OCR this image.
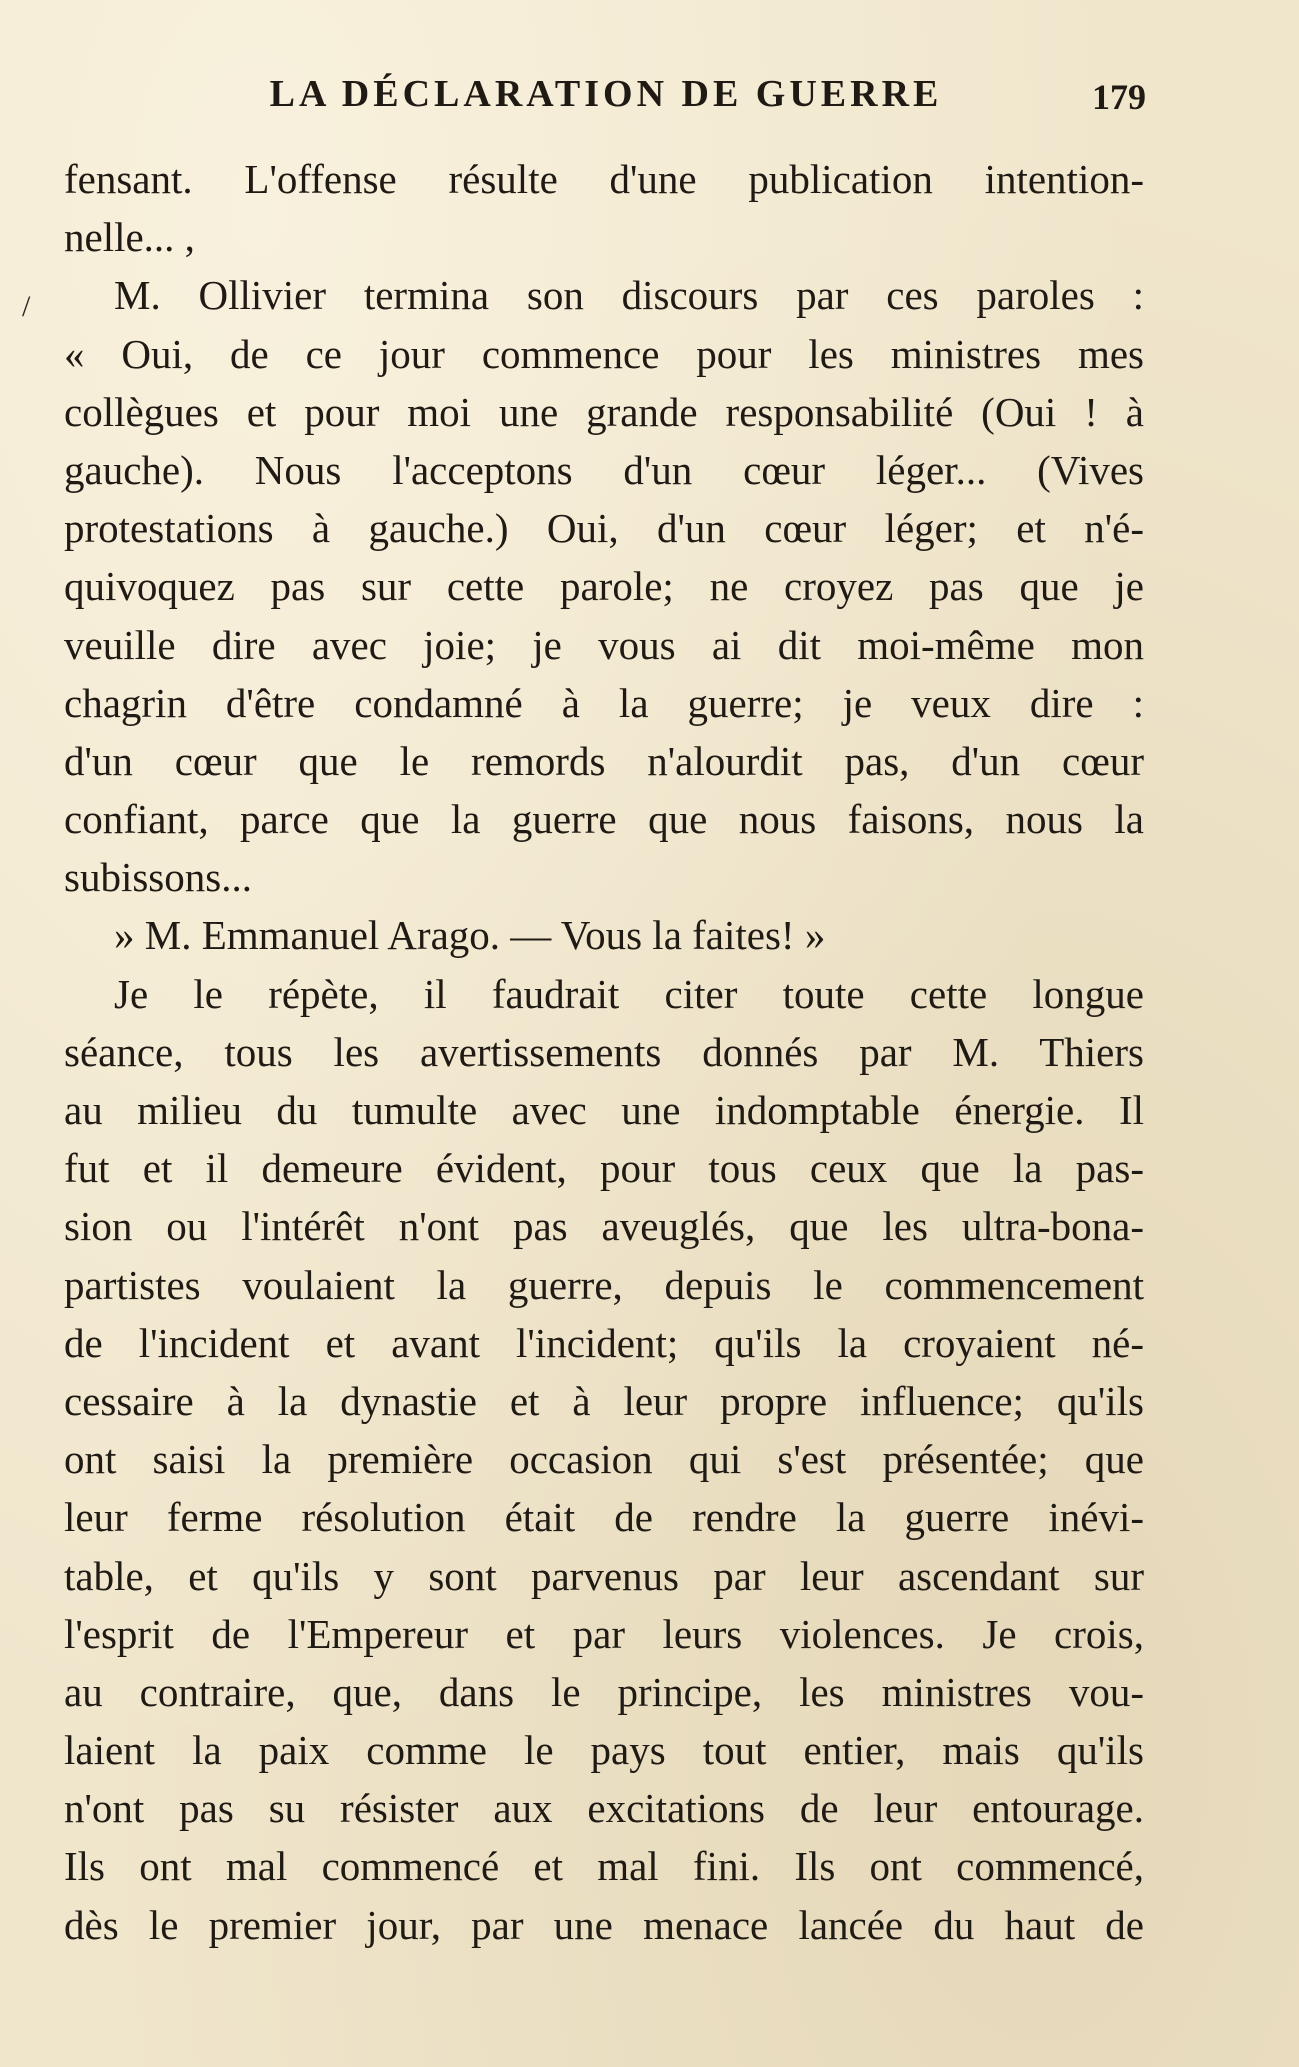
LA DÉCLARATION DE GUERRE	179
/
fensant. L'offense résulte d'une publication intention-
nelle... ,
M. Ollivier termina son discours par ces paroles :
« Oui, de ce jour commence pour les ministres mes
collègues et pour moi une grande responsabilité (Oui ! à
gauche). Nous l'acceptons d'un cœur léger... (Vives
protestations à gauche.) Oui, d'un cœur léger; et n'é-
quivoquez pas sur cette parole; ne croyez pas que je
veuille dire avec joie; je vous ai dit moi-même mon
chagrin d'être condamné à la guerre; je veux dire :
d'un cœur que le remords n'alourdit pas, d'un cœur
confiant, parce que la guerre que nous faisons, nous la
subissons...
» M. Emmanuel Arago. — Vous la faites! »
Je le répète, il faudrait citer toute cette longue
séance, tous les avertissements donnés par M. Thiers
au milieu du tumulte avec une indomptable énergie. Il
fut et il demeure évident, pour tous ceux que la pas-
sion ou l'intérêt n'ont pas aveuglés, que les ultra-bona-
partistes voulaient la guerre, depuis le commencement
de l'incident et avant l'incident; qu'ils la croyaient né-
cessaire à la dynastie et à leur propre influence; qu'ils
ont saisi la première occasion qui s'est présentée; que
leur ferme résolution était de rendre la guerre inévi-
table, et qu'ils y sont parvenus par leur ascendant sur
l'esprit de l'Empereur et par leurs violences. Je crois,
au contraire, que, dans le principe, les ministres vou-
laient la paix comme le pays tout entier, mais qu'ils
n'ont pas su résister aux excitations de leur entourage.
Ils ont mal commencé et mal fini. Ils ont commencé,
dès le premier jour, par une menace lancée du haut de
